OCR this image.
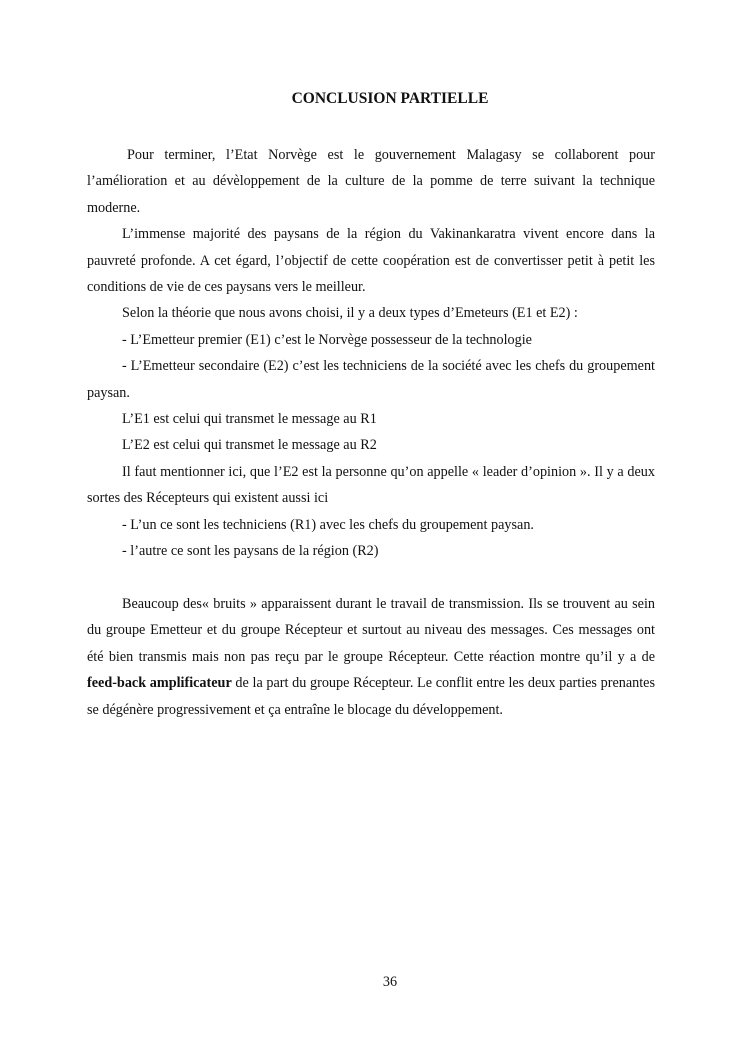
CONCLUSION PARTIELLE

Pour terminer, l’Etat Norvège est le gouvernement Malagasy se collaborent pour l’amélioration et au dévèloppement de la culture de la pomme de terre suivant la technique moderne.

L’immense majorité des paysans de la région du Vakinankaratra vivent encore dans la pauvreté profonde. A cet égard, l’objectif de cette coopération est de convertisser petit à petit les conditions de vie de ces paysans vers le meilleur.

Selon la théorie que nous avons choisi, il y a deux types d’Emeteurs (E1 et E2) :

- L’Emetteur premier (E1) c’est le Norvège possesseur de la technologie

- L’Emetteur secondaire (E2) c’est les techniciens de la société avec les chefs du groupement paysan.

L’E1 est celui qui transmet le message au R1

L’E2 est celui qui transmet le message au R2

Il faut mentionner ici, que l’E2 est la personne qu’on appelle « leader d’opinion ». Il y a deux sortes des Récepteurs qui existent aussi ici

- L’un ce sont les techniciens (R1) avec les chefs du groupement paysan.

- l’autre ce sont les paysans de la région (R2)

Beaucoup des« bruits » apparaissent durant le travail de transmission. Ils se trouvent au sein du groupe Emetteur et du groupe Récepteur et surtout au niveau des messages. Ces messages ont été bien transmis mais non pas reçu par le groupe Récepteur. Cette réaction montre qu’il y a de feed-back amplificateur de la part du groupe Récepteur. Le conflit entre les deux parties prenantes se dégénère progressivement et ça entraîne le blocage du développement.

36
